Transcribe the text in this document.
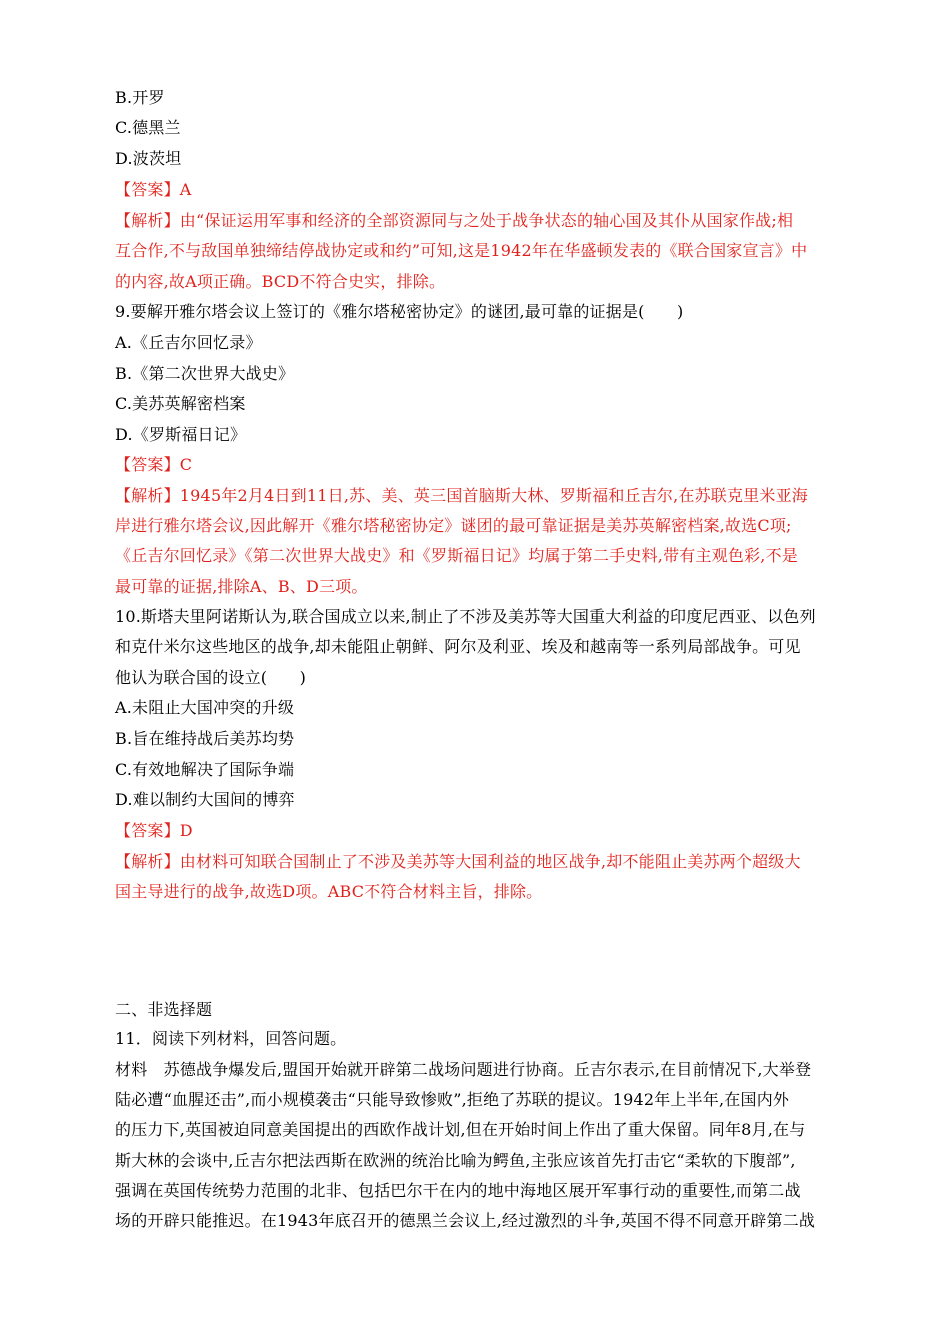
B.开罗
C.德黑兰
D.波茨坦
【答案】A
【解析】由“保证运用军事和经济的全部资源同与之处于战争状态的轴心国及其仆从国家作战;相
互合作,不与敌国单独缔结停战协定或和约”可知,这是1942年在华盛顿发表的《联合国家宣言》中
的内容,故A项正确。BCD不符合史实，排除。
9.要解开雅尔塔会议上签订的《雅尔塔秘密协定》的谜团,最可靠的证据是(　　)
A.《丘吉尔回忆录》
B.《第二次世界大战史》
C.美苏英解密档案
D.《罗斯福日记》
【答案】C
【解析】1945年2月4日到11日,苏、美、英三国首脑斯大林、罗斯福和丘吉尔,在苏联克里米亚海
岸进行雅尔塔会议,因此解开《雅尔塔秘密协定》谜团的最可靠证据是美苏英解密档案,故选C项;
《丘吉尔回忆录》《第二次世界大战史》和《罗斯福日记》均属于第二手史料,带有主观色彩,不是
最可靠的证据,排除A、B、D三项。
10.斯塔夫里阿诺斯认为,联合国成立以来,制止了不涉及美苏等大国重大利益的印度尼西亚、以色列
和克什米尔这些地区的战争,却未能阻止朝鲜、阿尔及利亚、埃及和越南等一系列局部战争。可见
他认为联合国的设立(　　)
A.未阻止大国冲突的升级
B.旨在维持战后美苏均势
C.有效地解决了国际争端
D.难以制约大国间的博弈
【答案】D
【解析】由材料可知联合国制止了不涉及美苏等大国利益的地区战争,却不能阻止美苏两个超级大
国主导进行的战争,故选D项。ABC不符合材料主旨，排除。
二、非选择题
11．阅读下列材料，回答问题。
材料　苏德战争爆发后,盟国开始就开辟第二战场问题进行协商。丘吉尔表示,在目前情况下,大举登
陆必遭“血腥还击”,而小规模袭击“只能导致惨败”,拒绝了苏联的提议。1942年上半年,在国内外
的压力下,英国被迫同意美国提出的西欧作战计划,但在开始时间上作出了重大保留。同年8月,在与
斯大林的会谈中,丘吉尔把法西斯在欧洲的统治比喻为鳄鱼,主张应该首先打击它“柔软的下腹部”,
强调在英国传统势力范围的北非、包括巴尔干在内的地中海地区展开军事行动的重要性,而第二战
场的开辟只能推迟。在1943年底召开的德黑兰会议上,经过激烈的斗争,英国不得不同意开辟第二战
